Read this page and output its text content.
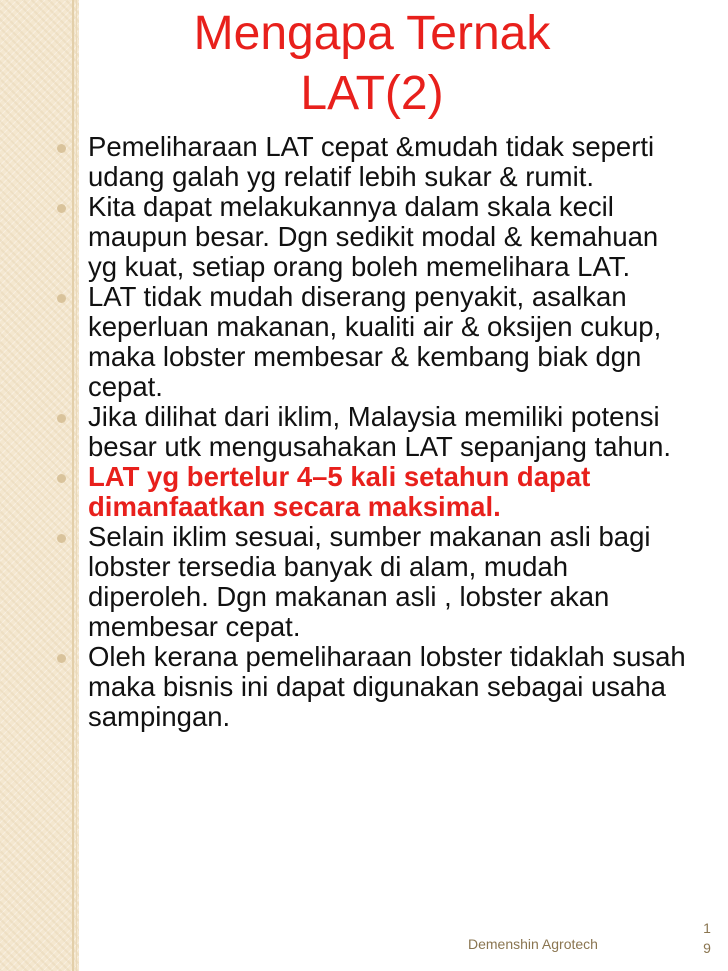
Mengapa Ternak
LAT(2)
Pemeliharaan LAT cepat &mudah tidak seperti udang galah yg relatif lebih sukar & rumit.
Kita dapat melakukannya dalam skala kecil maupun besar. Dgn sedikit modal & kemahuan yg kuat, setiap orang boleh memelihara LAT.
LAT tidak mudah diserang penyakit, asalkan keperluan makanan, kualiti air & oksijen cukup, maka lobster membesar & kembang biak dgn cepat.
Jika dilihat dari iklim, Malaysia memiliki potensi besar utk mengusahakan LAT sepanjang tahun.
LAT yg bertelur 4–5 kali setahun dapat dimanfaatkan secara maksimal.
Selain iklim sesuai, sumber makanan asli bagi lobster tersedia banyak di alam, mudah diperoleh. Dgn makanan asli , lobster akan membesar cepat.
Oleh kerana pemeliharaan lobster tidaklah susah maka bisnis ini dapat digunakan sebagai usaha sampingan.
Demenshin Agrotech
1
9
